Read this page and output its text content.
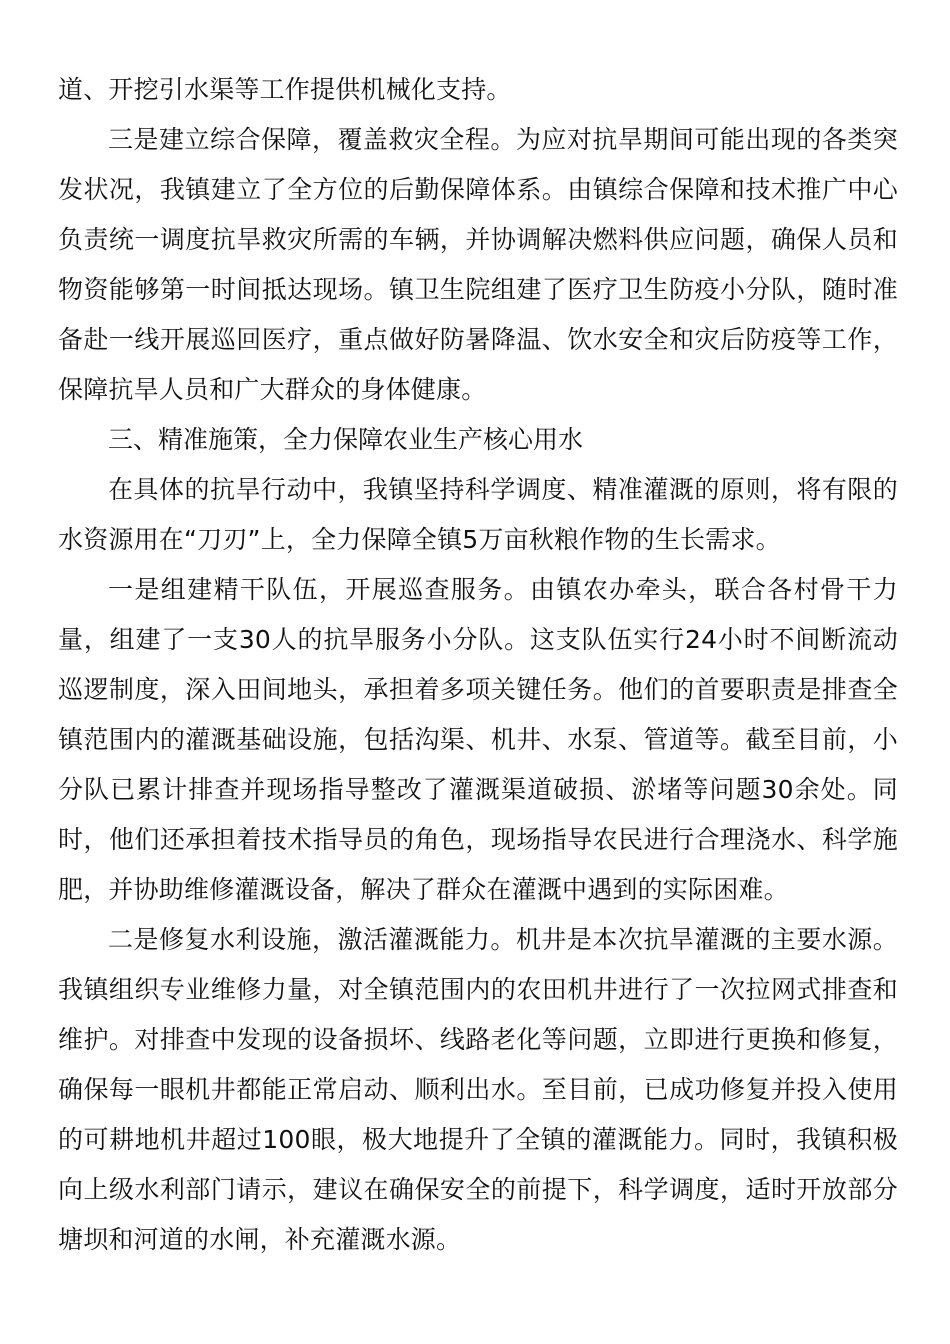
道、开挖引水渠等工作提供机械化支持。

三是建立综合保障，覆盖救灾全程。为应对抗旱期间可能出现的各类突发状况，我镇建立了全方位的后勤保障体系。由镇综合保障和技术推广中心负责统一调度抗旱救灾所需的车辆，并协调解决燃料供应问题，确保人员和物资能够第一时间抵达现场。镇卫生院组建了医疗卫生防疫小分队，随时准备赴一线开展巡回医疗，重点做好防暑降温、饮水安全和灾后防疫等工作，保障抗旱人员和广大群众的身体健康。

三、精准施策，全力保障农业生产核心用水

在具体的抗旱行动中，我镇坚持科学调度、精准灌溉的原则，将有限的水资源用在“刀刃”上，全力保障全镇5万亩秋粮作物的生长需求。

一是组建精干队伍，开展巡查服务。由镇农办牵头，联合各村骨干力量，组建了一支30人的抗旱服务小分队。这支队伍实行24小时不间断流动巡逻制度，深入田间地头，承担着多项关键任务。他们的首要职责是排查全镇范围内的灌溉基础设施，包括沟渠、机井、水泵、管道等。截至目前，小分队已累计排查并现场指导整改了灌溉渠道破损、淤堵等问题30余处。同时，他们还承担着技术指导员的角色，现场指导农民进行合理浇水、科学施肥，并协助维修灌溉设备，解决了群众在灌溉中遇到的实际困难。

二是修复水利设施，激活灌溉能力。机井是本次抗旱灌溉的主要水源。我镇组织专业维修力量，对全镇范围内的农田机井进行了一次拉网式排查和维护。对排查中发现的设备损坏、线路老化等问题，立即进行更换和修复，确保每一眼机井都能正常启动、顺利出水。至目前，已成功修复并投入使用的可耕地机井超过100眼，极大地提升了全镇的灌溉能力。同时，我镇积极向上级水利部门请示，建议在确保安全的前提下，科学调度，适时开放部分塘坝和河道的水闸，补充灌溉水源。
